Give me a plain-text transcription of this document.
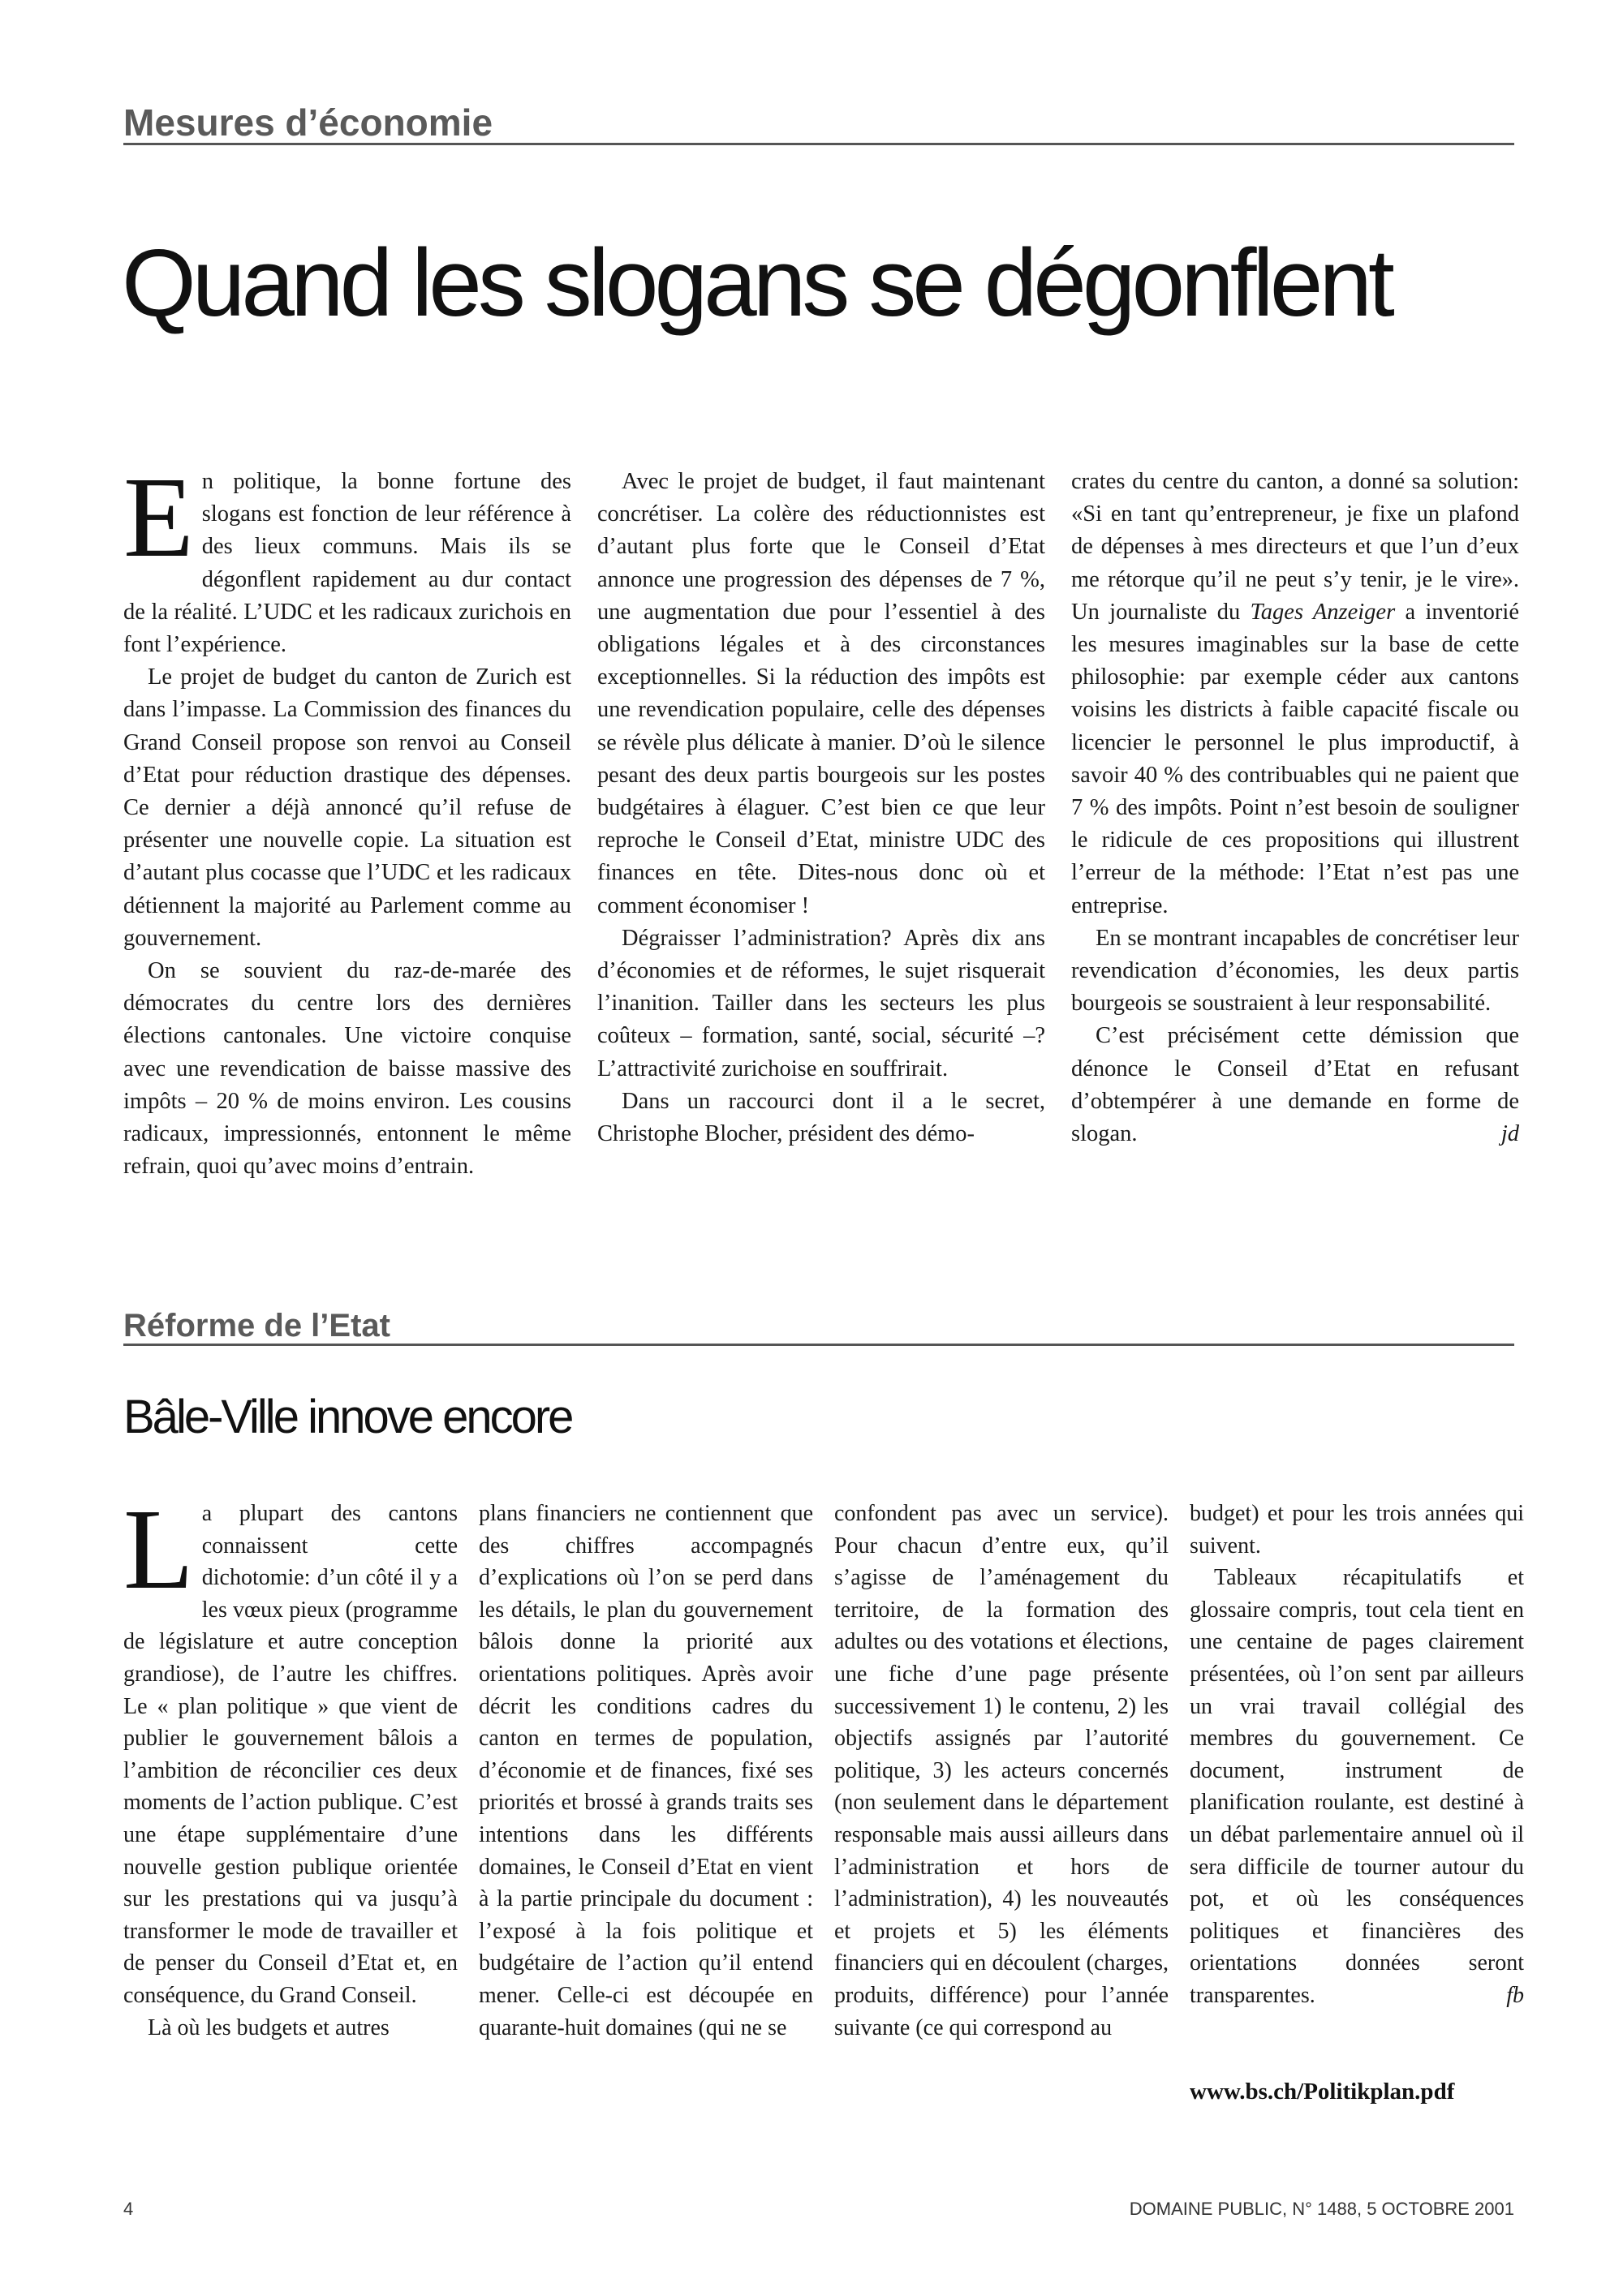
Mesures d’économie
Quand les slogans se dégonflent

En politique, la bonne fortune des slogans est fonction de leur référence à des lieux communs. Mais ils se dégonflent rapidement au dur contact de la réalité. L’UDC et les radicaux zurichois en font l’expérience.

Le projet de budget du canton de Zurich est dans l’impasse. La Commission des finances du Grand Conseil propose son renvoi au Conseil d’Etat pour réduction drastique des dépenses. Ce dernier a déjà annoncé qu’il refuse de présenter une nouvelle copie. La situation est d’autant plus cocasse que l’UDC et les radicaux détiennent la majorité au Parlement comme au gouvernement.

On se souvient du raz-de-marée des démocrates du centre lors des dernières élections cantonales. Une victoire conquise avec une revendication de baisse massive des impôts – 20 % de moins environ. Les cousins radicaux, impressionnés, entonnent le même refrain, quoi qu’avec moins d’entrain.

Avec le projet de budget, il faut maintenant concrétiser. La colère des réductionnistes est d’autant plus forte que le Conseil d’Etat annonce une progression des dépenses de 7 %, une augmentation due pour l’essentiel à des obligations légales et à des circonstances exceptionnelles. Si la réduction des impôts est une revendication populaire, celle des dépenses se révèle plus délicate à manier. D’où le silence pesant des deux partis bourgeois sur les postes budgétaires à élaguer. C’est bien ce que leur reproche le Conseil d’Etat, ministre UDC des finances en tête. Dites-nous donc où et comment économiser !

Dégraisser l’administration? Après dix ans d’économies et de réformes, le sujet risquerait l’inanition. Tailler dans les secteurs les plus coûteux – formation, santé, social, sécurité –? L’attractivité zurichoise en souffrirait.

Dans un raccourci dont il a le secret, Christophe Blocher, président des démo-

crates du centre du canton, a donné sa solution: «Si en tant qu’entrepreneur, je fixe un plafond de dépenses à mes directeurs et que l’un d’eux me rétorque qu’il ne peut s’y tenir, je le vire». Un journaliste du Tages Anzeiger a inventorié les mesures imaginables sur la base de cette philosophie: par exemple céder aux cantons voisins les districts à faible capacité fiscale ou licencier le personnel le plus improductif, à savoir 40 % des contribuables qui ne paient que 7 % des impôts. Point n’est besoin de souligner le ridicule de ces propositions qui illustrent l’erreur de la méthode: l’Etat n’est pas une entreprise.

En se montrant incapables de concrétiser leur revendication d’économies, les deux partis bourgeois se soustraient à leur responsabilité.

C’est précisément cette démission que dénonce le Conseil d’Etat en refusant d’obtempérer à une demande en forme de slogan.	jd

Réforme de l’Etat
Bâle-Ville innove encore

La plupart des cantons connaissent cette dichotomie: d’un côté il y a les vœux pieux (programme de législature et autre conception grandiose), de l’autre les chiffres. Le « plan politique » que vient de publier le gouvernement bâlois a l’ambition de réconcilier ces deux moments de l’action publique. C’est une étape supplémentaire d’une nouvelle gestion publique orientée sur les prestations qui va jusqu’à transformer le mode de travailler et de penser du Conseil d’Etat et, en conséquence, du Grand Conseil.

Là où les budgets et autres

plans financiers ne contiennent que des chiffres accompagnés d’explications où l’on se perd dans les détails, le plan du gouvernement bâlois donne la priorité aux orientations politiques. Après avoir décrit les conditions cadres du canton en termes de population, d’économie et de finances, fixé ses priorités et brossé à grands traits ses intentions dans les différents domaines, le Conseil d’Etat en vient à la partie principale du document : l’exposé à la fois politique et budgétaire de l’action qu’il entend mener. Celle-ci est découpée en quarante-huit domaines (qui ne se

confondent pas avec un service). Pour chacun d’entre eux, qu’il s’agisse de l’aménagement du territoire, de la formation des adultes ou des votations et élections, une fiche d’une page présente successivement 1) le contenu, 2) les objectifs assignés par l’autorité politique, 3) les acteurs concernés (non seulement dans le département responsable mais aussi ailleurs dans l’administration et hors de l’administration), 4) les nouveautés et projets et 5) les éléments financiers qui en découlent (charges, produits, différence) pour l’année suivante (ce qui correspond au

budget) et pour les trois années qui suivent.

Tableaux récapitulatifs et glossaire compris, tout cela tient en une centaine de pages clairement présentées, où l’on sent par ailleurs un vrai travail collégial des membres du gouvernement. Ce document, instrument de planification roulante, est destiné à un débat parlementaire annuel où il sera difficile de tourner autour du pot, et où les conséquences politiques et financières des orientations données seront transparentes.	fb

www.bs.ch/Politikplan.pdf
4	DOMAINE PUBLIC, N° 1488, 5 OCTOBRE 2001
